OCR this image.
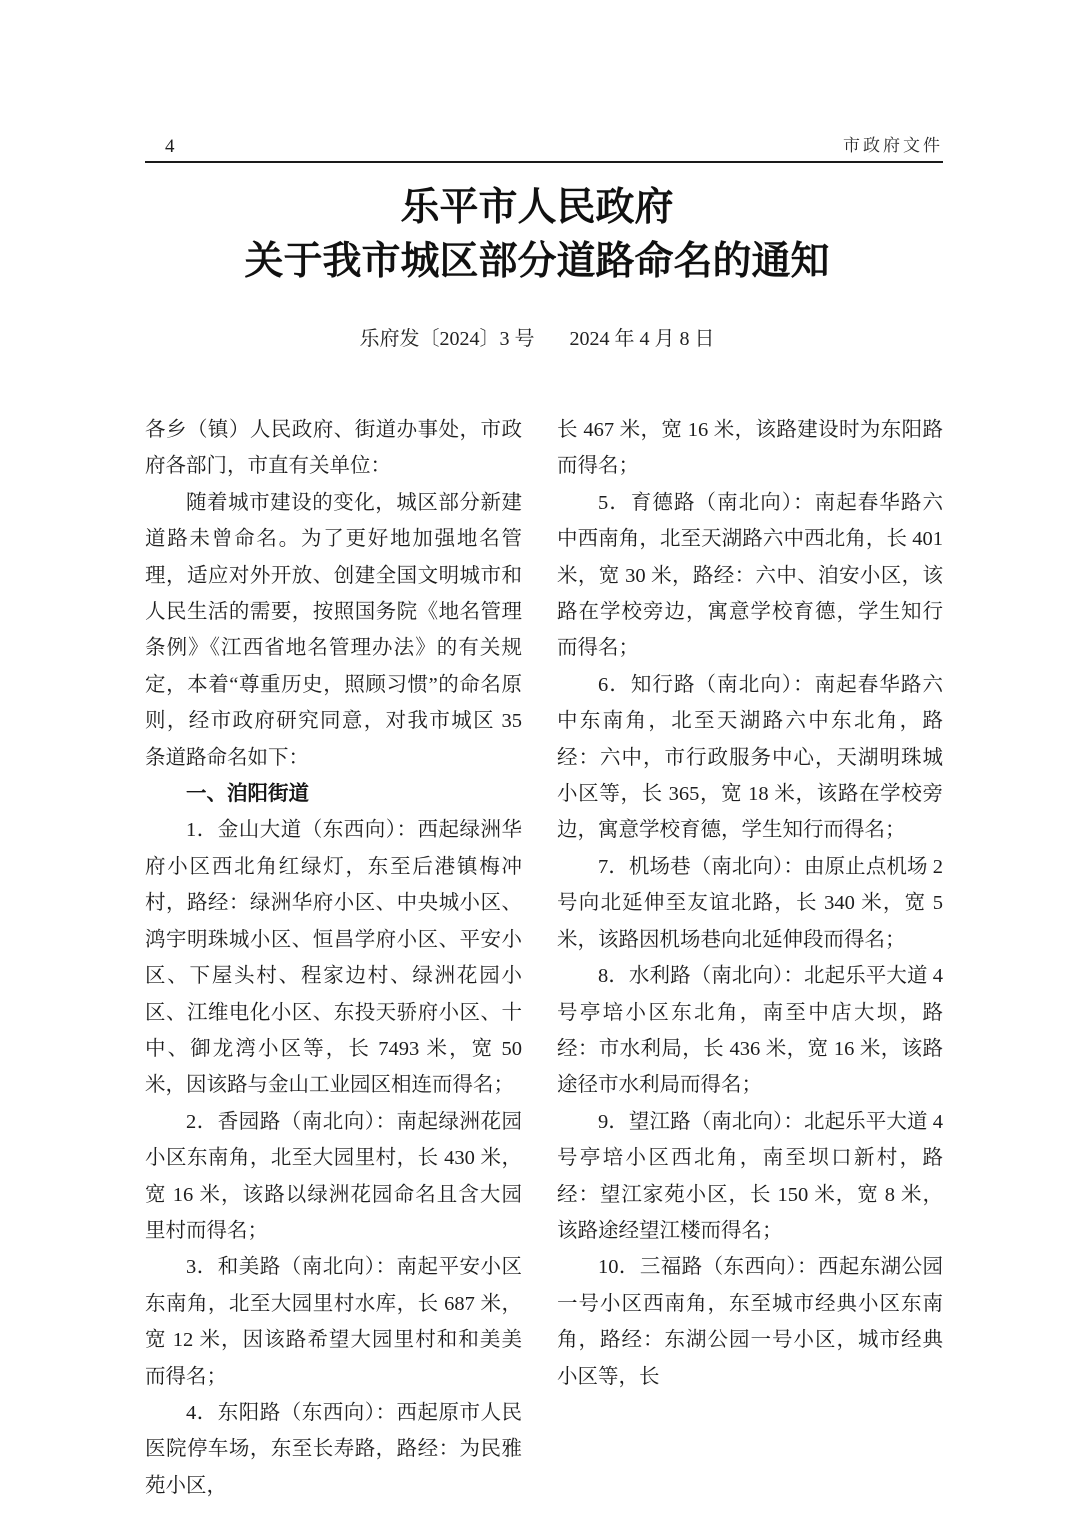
4	市政府文件
乐平市人民政府
关于我市城区部分道路命名的通知
乐府发〔2024〕3 号 2024 年 4 月 8 日

各乡（镇）人民政府、街道办事处，市政府各部门，市直有关单位：

随着城市建设的变化，城区部分新建道路未曾命名。为了更好地加强地名管理，适应对外开放、创建全国文明城市和人民生活的需要，按照国务院《地名管理条例》《江西省地名管理办法》的有关规定，本着“尊重历史，照顾习惯”的命名原则，经市政府研究同意，对我市城区 35 条道路命名如下：

一、洎阳街道

1．金山大道（东西向）：西起绿洲华府小区西北角红绿灯，东至后港镇梅冲村，路经：绿洲华府小区、中央城小区、鸿宇明珠城小区、恒昌学府小区、平安小区、下屋头村、程家边村、绿洲花园小区、江维电化小区、东投天骄府小区、十中、御龙湾小区等，长 7493 米，宽 50 米，因该路与金山工业园区相连而得名；

2．香园路（南北向）：南起绿洲花园小区东南角，北至大园里村，长 430 米，宽 16 米，该路以绿洲花园命名且含大园里村而得名；

3．和美路（南北向）：南起平安小区东南角，北至大园里村水库，长 687 米，宽 12 米，因该路希望大园里村和和美美而得名；

4．东阳路（东西向）：西起原市人民医院停车场，东至长寿路，路经：为民雅苑小区，

长 467 米，宽 16 米，该路建设时为东阳路而得名；

5．育德路（南北向）：南起春华路六中西南角，北至天湖路六中西北角，长 401 米，宽 30 米，路经：六中、洎安小区，该路在学校旁边，寓意学校育德，学生知行而得名；

6．知行路（南北向）：南起春华路六中东南角，北至天湖路六中东北角，路经：六中，市行政服务中心，天湖明珠城小区等，长 365，宽 18 米，该路在学校旁边，寓意学校育德，学生知行而得名；

7．机场巷（南北向）：由原止点机场 2 号向北延伸至友谊北路，长 340 米，宽 5 米，该路因机场巷向北延伸段而得名；

8．水利路（南北向）：北起乐平大道 4 号亭培小区东北角，南至中店大坝，路经：市水利局，长 436 米，宽 16 米，该路途径市水利局而得名；

9．望江路（南北向）：北起乐平大道 4 号亭培小区西北角，南至坝口新村，路经：望江家苑小区，长 150 米，宽 8 米，该路途经望江楼而得名；

10．三福路（东西向）：西起东湖公园一号小区西南角，东至城市经典小区东南角，路经：东湖公园一号小区，城市经典小区等，长
